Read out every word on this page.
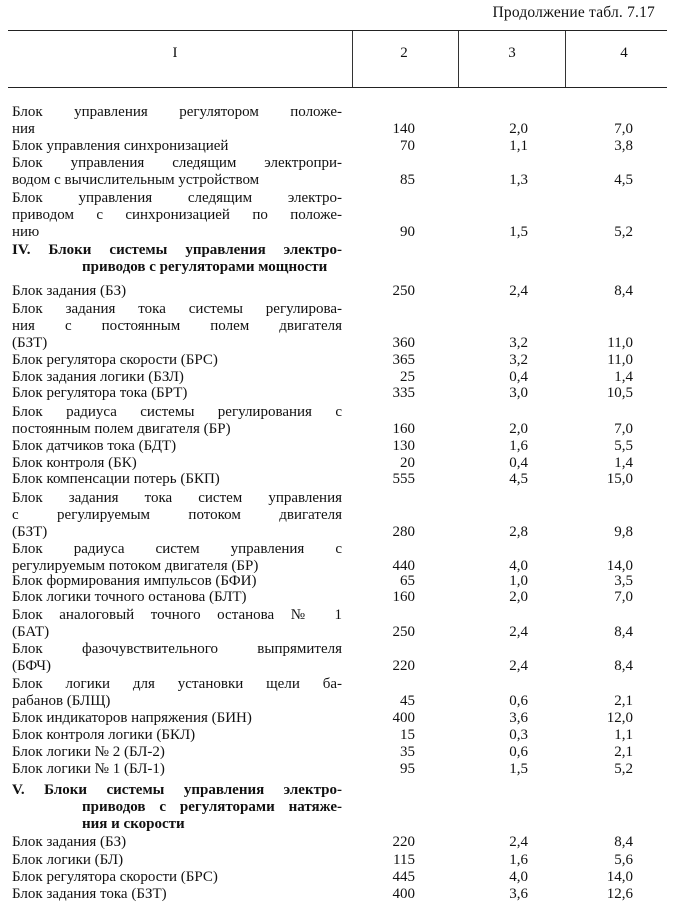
Продолжение табл. 7.17
I	2	3	4
Блок управления регулятором положе-
ния	140	2,0	7,0
Блок управления синхронизацией	70	1,1	3,8
Блок управления следящим электропри-
водом с вычислительным устройством	85	1,3	4,5
Блок управления следящим электро-
приводом с синхронизацией по положе-
нию	90	1,5	5,2
IV. Блоки системы управления электро-
приводов с регуляторами мощности
Блок задания (БЗ)	250	2,4	8,4
Блок задания тока системы регулирова-
ния с постоянным полем двигателя
(БЗТ)	360	3,2	11,0
Блок регулятора скорости (БРС)	365	3,2	11,0
Блок задания логики (БЗЛ)	25	0,4	1,4
Блок регулятора тока (БРТ)	335	3,0	10,5
Блок радиуса системы регулирования с
постоянным полем двигателя (БР)	160	2,0	7,0
Блок датчиков тока (БДТ)	130	1,6	5,5
Блок контроля (БК)	20	0,4	1,4
Блок компенсации потерь (БКП)	555	4,5	15,0
Блок задания тока систем управления
с регулируемым потоком двигателя
(БЗТ)	280	2,8	9,8
Блок радиуса систем управления с
регулируемым потоком двигателя (БР)	440	4,0	14,0
Блок формирования импульсов (БФИ)	65	1,0	3,5
Блок логики точного останова (БЛТ)	160	2,0	7,0
Блок аналоговый точного останова № 1
(БАТ)	250	2,4	8,4
Блок фазочувствительного выпрямителя
(БФЧ)	220	2,4	8,4
Блок логики для установки щели ба-
рабанов (БЛЩ)	45	0,6	2,1
Блок индикаторов напряжения (БИН)	400	3,6	12,0
Блок контроля логики (БКЛ)	15	0,3	1,1
Блок логики № 2 (БЛ-2)	35	0,6	2,1
Блок логики № 1 (БЛ-1)	95	1,5	5,2
V. Блоки системы управления электро-
приводов с регуляторами натяже-
ния и скорости
Блок задания (БЗ)	220	2,4	8,4
Блок логики (БЛ)	115	1,6	5,6
Блок регулятора скорости (БРС)	445	4,0	14,0
Блок задания тока (БЗТ)	400	3,6	12,6
